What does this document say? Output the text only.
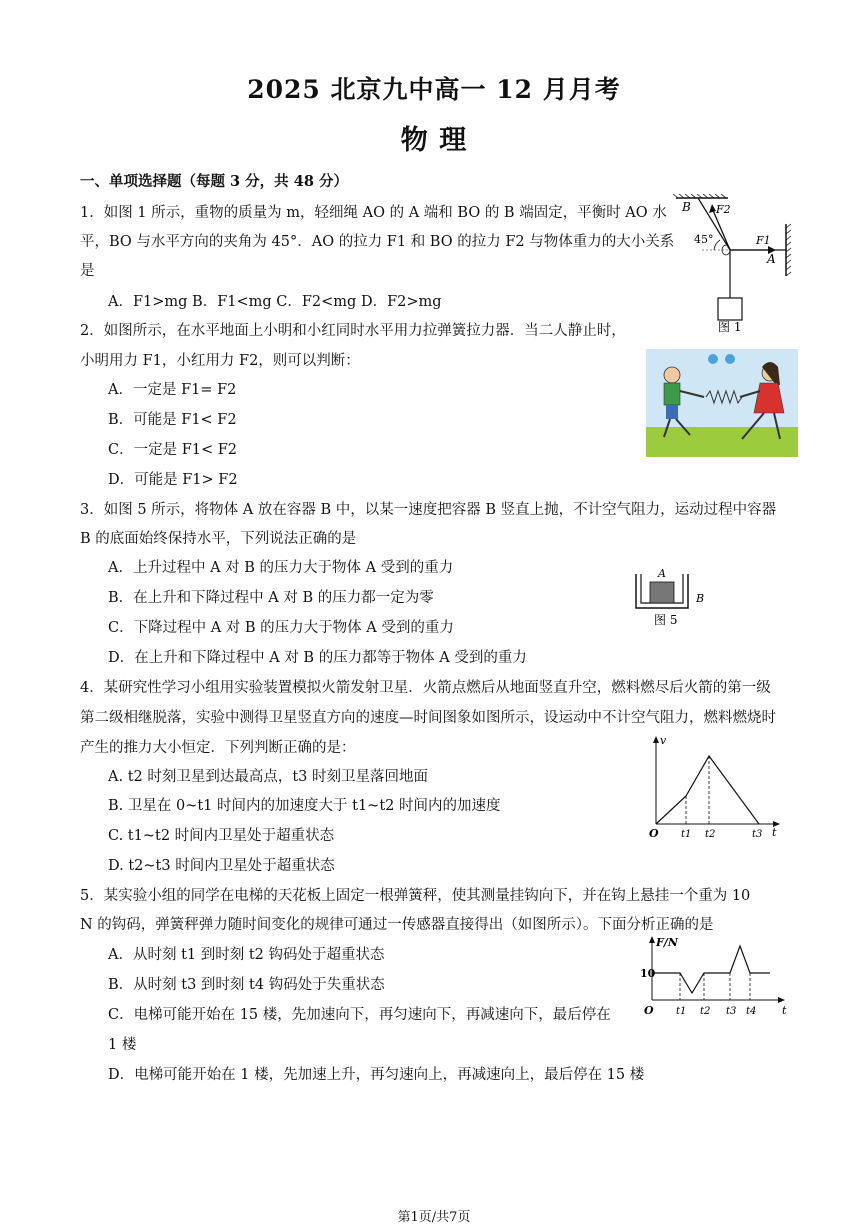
2025 北京九中高一 12 月月考
物 理
一、单项选择题（每题 3 分，共 48 分）
1．如图 1 所示，重物的质量为 m，轻细绳 AO 的 A 端和 BO 的 B 端固定，平衡时 AO 水
平，BO 与水平方向的夹角为 45°．AO 的拉力 F1 和 BO 的拉力 F2 与物体重力的大小关系
是
A．F1>mg B．F1<mg C．F2<mg D．F2>mg
B F2
45°	F1
A
图 1
2．如图所示，在水平地面上小明和小红同时水平用力拉弹簧拉力器．当二人静止时，
小明用力 F1，小红用力 F2，则可以判断：
A．一定是 F1= F2
B．可能是 F1< F2
C．一定是 F1< F2
D．可能是 F1> F2
3．如图 5 所示，将物体 A 放在容器 B 中，以某一速度把容器 B 竖直上抛，不计空气阻力，运动过程中容器
B 的底面始终保持水平，下列说法正确的是
A．上升过程中 A 对 B 的压力大于物体 A 受到的重力
B．在上升和下降过程中 A 对 B 的压力都一定为零
C．下降过程中 A 对 B 的压力大于物体 A 受到的重力
D．在上升和下降过程中 A 对 B 的压力都等于物体 A 受到的重力
A
B
图 5
4．某研究性学习小组用实验装置模拟火箭发射卫星．火箭点燃后从地面竖直升空，燃料燃尽后火箭的第一级
第二级相继脱落，实验中测得卫星竖直方向的速度—时间图象如图所示，设运动中不计空气阻力，燃料燃烧时
产生的推力大小恒定．下列判断正确的是：
A. t2 时刻卫星到达最高点，t3 时刻卫星落回地面
B. 卫星在 0~t1 时间内的加速度大于 t1~t2 时间内的加速度
C. t1~t2 时间内卫星处于超重状态
D. t2~t3 时间内卫星处于超重状态
v
O t1 t2	t3 t
5．某实验小组的同学在电梯的天花板上固定一根弹簧秤，使其测量挂钩向下，并在钩上悬挂一个重为 10
N 的钩码，弹簧秤弹力随时间变化的规律可通过一传感器直接得出（如图所示）。下面分析正确的是
A．从时刻 t1 到时刻 t2 钩码处于超重状态
B．从时刻 t3 到时刻 t4 钩码处于失重状态
C．电梯可能开始在 15 楼，先加速向下，再匀速向下，再减速向下，最后停在
1 楼
D．电梯可能开始在 1 楼，先加速上升，再匀速向上，再减速向上，最后停在 15 楼
F/N
10
O t1 t2 t3 t4 t
第1页/共7页
